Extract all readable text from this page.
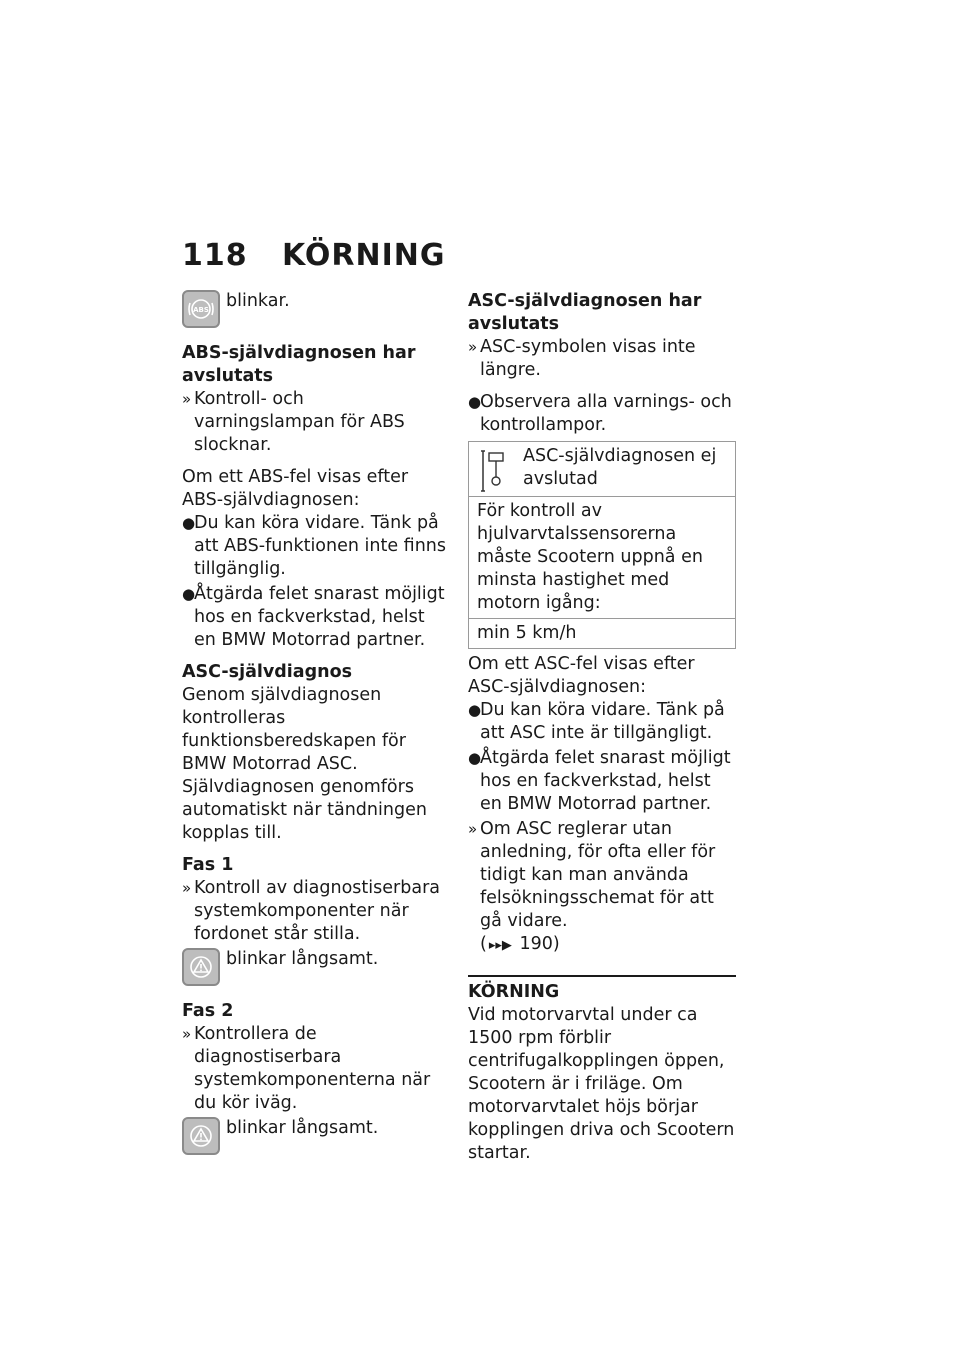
118 KÖRNING
ABS blinkar.

ABS-självdiagnosen har avslutats

» Kontroll- och varningslampan för ABS slocknar.

Om ett ABS-fel visas efter ABS-självdiagnosen:

●
Du kan köra vidare. Tänk på att ABS-funktionen inte finns tillgänglig.
●
Åtgärda felet snarast möjligt hos en fackverkstad, helst en BMW Motorrad partner.

ASC-självdiagnos

Genom självdiagnosen kontrolleras funktionsberedskapen för BMW Motorrad ASC. Självdiagnosen genomförs automatiskt när tändningen kopplas till.

Fas 1

» Kontroll av diagnostiserbara systemkomponenter när fordonet står stilla.
blinkar långsamt.

Fas 2

» Kontrollera de diagnostiserbara systemkomponenterna när du kör iväg.
blinkar långsamt.

ASC-självdiagnosen har avslutats

» ASC-symbolen visas inte längre.
●
Observera alla varnings- och kontrollampor.
ASC-självdiagnosen ej avslutad

För kontroll av hjulvarvtalssensorerna måste Scootern uppnå en minsta hastighet med motorn igång:
min 5 km/h

Om ett ASC-fel visas efter ASC-självdiagnosen:

●
Du kan köra vidare. Tänk på att ASC inte är tillgängligt.
●
Åtgärda felet snarast möjligt hos en fackverkstad, helst en BMW Motorrad partner.
» Om ASC reglerar utan anledning, för ofta eller för tidigt kan man använda felsökningsschemat för att gå vidare.
( ▸▸▶ 190)

KÖRNING

Vid motorvarvtal under ca 1500 rpm förblir centrifugalkopplingen öppen, Scootern är i friläge. Om motorvarvtalet höjs börjar kopplingen driva och Scootern startar.
